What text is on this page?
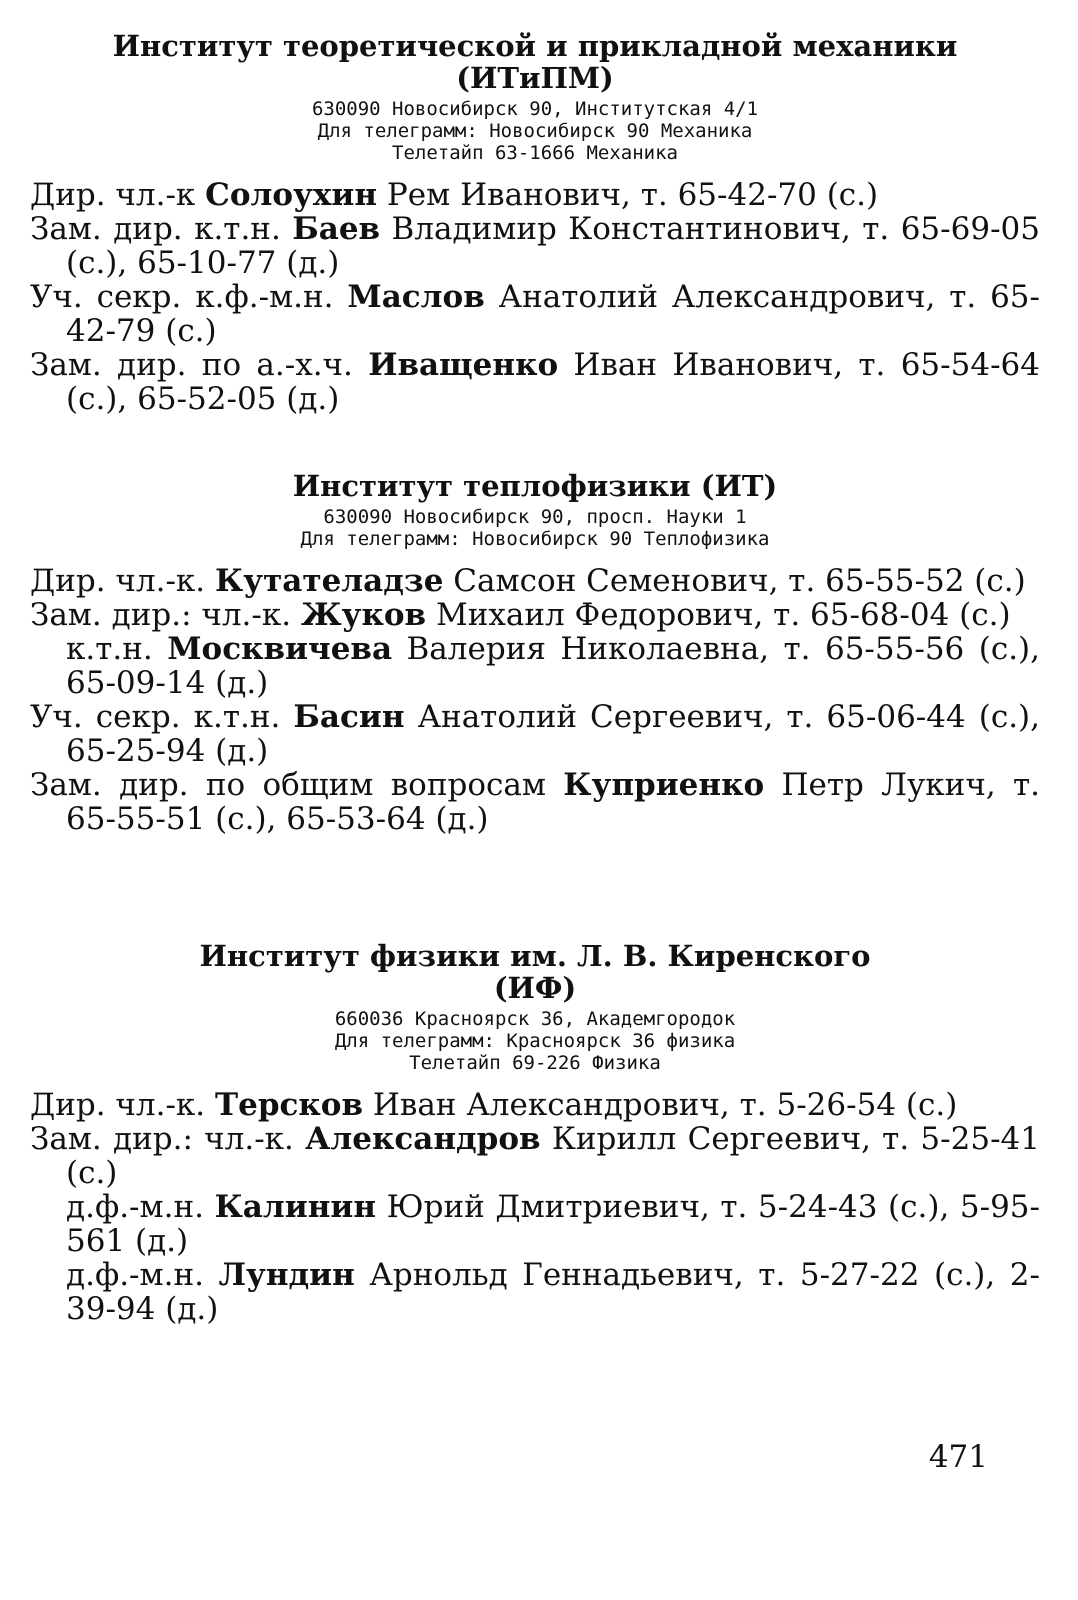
Институт теоретической и прикладной механики
(ИТиПМ)
630090 Новосибирск 90, Институтская 4/1
Для телеграмм: Новосибирск 90 Механика
Телетайп 63-1666 Механика

Дир. чл.-к Солоухин Рем Иванович, т. 65-42-70 (с.)

Зам. дир. к.т.н. Баев Владимир Константинович, т. 65-69-05 (с.), 65-10-77 (д.)

Уч. секр. к.ф.-м.н. Маслов Анатолий Александрович, т. 65-42-79 (с.)

Зам. дир. по а.-х.ч. Иващенко Иван Иванович, т. 65-54-64 (с.), 65-52-05 (д.)

Институт теплофизики (ИТ)
630090 Новосибирск 90, просп. Науки 1
Для телеграмм: Новосибирск 90 Теплофизика

Дир. чл.-к. Кутателадзе Самсон Семенович, т. 65-55-52 (с.)

Зам. дир.: чл.-к. Жуков Михаил Федорович, т. 65-68-04 (с.)

к.т.н. Москвичева Валерия Николаевна, т. 65-55-56 (с.), 65-09-14 (д.)

Уч. секр. к.т.н. Басин Анатолий Сергеевич, т. 65-06-44 (с.), 65-25-94 (д.)

Зам. дир. по общим вопросам Куприенко Петр Лукич, т. 65-55-51 (с.), 65-53-64 (д.)

Институт физики им. Л. В. Киренского
(ИФ)
660036 Красноярск 36, Академгородок
Для телеграмм: Красноярск 36 физика
Телетайп 69-226 Физика

Дир. чл.-к. Терсков Иван Александрович, т. 5-26-54 (с.)

Зам. дир.: чл.-к. Александров Кирилл Сергеевич, т. 5-25-41 (с.)

д.ф.-м.н. Калинин Юрий Дмитриевич, т. 5-24-43 (с.), 5-95-561 (д.)

д.ф.-м.н. Лундин Арнольд Геннадьевич, т. 5-27-22 (с.), 2-39-94 (д.)

471
